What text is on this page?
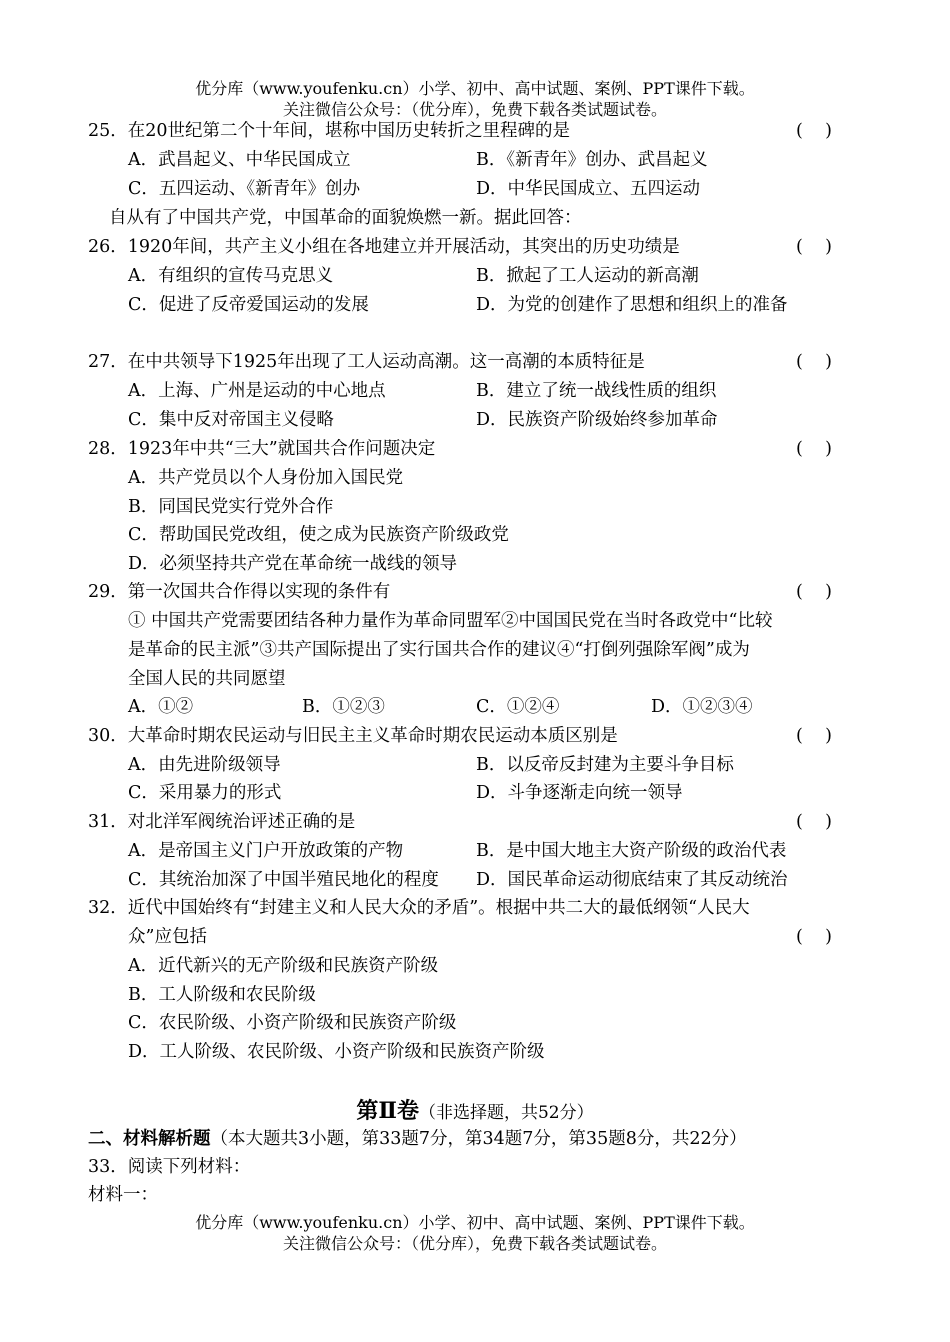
优分库（www.youfenku.cn）小学、初中、高中试题、案例、PPT课件下载。
关注微信公众号：（优分库），免费下载各类试题试卷。
25．在20世纪第二个十年间，堪称中国历史转折之里程碑的是	(    )
A．武昌起义、中华民国成立	B．《新青年》创办、武昌起义
C．五四运动、《新青年》创办	D．中华民国成立、五四运动
自从有了中国共产党，中国革命的面貌焕燃一新。据此回答：
26．1920年间，共产主义小组在各地建立并开展活动，其突出的历史功绩是	(    )
A．有组织的宣传马克思义	B．掀起了工人运动的新高潮
C．促进了反帝爱国运动的发展	D．为党的创建作了思想和组织上的准备
27．在中共领导下1925年出现了工人运动高潮。这一高潮的本质特征是	(    )
A．上海、广州是运动的中心地点	B．建立了统一战线性质的组织
C．集中反对帝国主义侵略	D．民族资产阶级始终参加革命
28．1923年中共“三大”就国共合作问题决定	(    )
A．共产党员以个人身份加入国民党
B．同国民党实行党外合作
C．帮助国民党改组，使之成为民族资产阶级政党
D．必须坚持共产党在革命统一战线的领导
29．第一次国共合作得以实现的条件有	(    )
① 中国共产党需要团结各种力量作为革命同盟军②中国国民党在当时各政党中“比较
是革命的民主派”③共产国际提出了实行国共合作的建议④“打倒列强除军阀”成为
全国人民的共同愿望
A．①②	B．①②③	C．①②④	D．①②③④
30．大革命时期农民运动与旧民主主义革命时期农民运动本质区别是	(    )
A．由先进阶级领导	B．以反帝反封建为主要斗争目标
C．采用暴力的形式	D．斗争逐渐走向统一领导
31．对北洋军阀统治评述正确的是	(    )
A．是帝国主义门户开放政策的产物	B．是中国大地主大资产阶级的政治代表
C．其统治加深了中国半殖民地化的程度 D．国民革命运动彻底结束了其反动统治
32．近代中国始终有“封建主义和人民大众的矛盾”。根据中共二大的最低纲领“人民大
众”应包括	(    )
A．近代新兴的无产阶级和民族资产阶级
B．工人阶级和农民阶级
C．农民阶级、小资产阶级和民族资产阶级
D．工人阶级、农民阶级、小资产阶级和民族资产阶级
第Ⅱ卷（非选择题，共52分）
二、材料解析题（本大题共3小题，第33题7分，第34题7分，第35题8分，共22分）
33．阅读下列材料：
材料一：
优分库（www.youfenku.cn）小学、初中、高中试题、案例、PPT课件下载。
关注微信公众号：（优分库），免费下载各类试题试卷。
